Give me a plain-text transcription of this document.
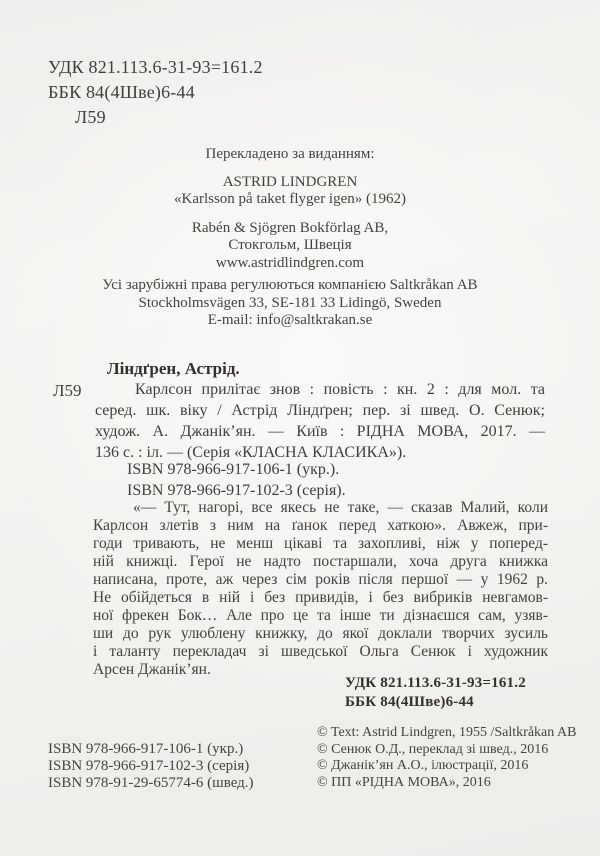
УДК 821.113.6-31-93=161.2
ББК 84(4Шве)6-44
Л59
Перекладено за виданням:
ASTRID LINDGREN
«Karlsson på taket flyger igen» (1962)
Rabén & Sjögren Bokförlag AB,
Стокгольм, Швеція
www.astridlindgren.com
Усі зарубіжні права регулюються компанією Saltkråkan AB
Stockholmsvägen 33, SE-181 33 Lidingö, Sweden
E-mail: info@saltkrakan.se
Ліндґрен, Астрід.
Л59	Карлсон прилітає знов : повість : кн. 2 : для мол. та
серед. шк. віку / Астрід Ліндґрен; пер. зі швед. О. Сенюк;
худож. А. Джанік’ян. — Київ : РІДНА МОВА, 2017. —
136 с. : іл. — (Серія «КЛАСНА КЛАСИКА»).
ISBN 978-966-917-106-1 (укр.).
ISBN 978-966-917-102-3 (серія).
«— Тут, нагорі, все якесь не таке, — сказав Малий, коли
Карлсон злетів з ним на ґанок перед хаткою». Авжеж, при-
годи тривають, не менш цікаві та захопливі, ніж у поперед-
ній книжці. Герої не надто постаршали, хоча друга книжка
написана, проте, аж через сім років після першої — у 1962 р.
Не обійдеться в ній і без привидів, і без вибриків невгамов-
ної фрекен Бок… Але про це та інше ти дізнаєшся сам, узяв-
ши до рук улюблену книжку, до якої доклали творчих зусиль
і таланту перекладач зі шведської Ольга Сенюк і художник
Арсен Джанік’ян.
УДК 821.113.6-31-93=161.2
ББК 84(4Шве)6-44
ISBN 978-966-917-106-1 (укр.)
ISBN 978-966-917-102-3 (серія)
ISBN 978-91-29-65774-6 (швед.)
© Text: Astrid Lindgren, 1955 /Saltkråkan AB
© Сенюк О.Д., переклад зі швед., 2016
© Джанік’ян А.О., ілюстрації, 2016
© ПП «РІДНА МОВА», 2016
